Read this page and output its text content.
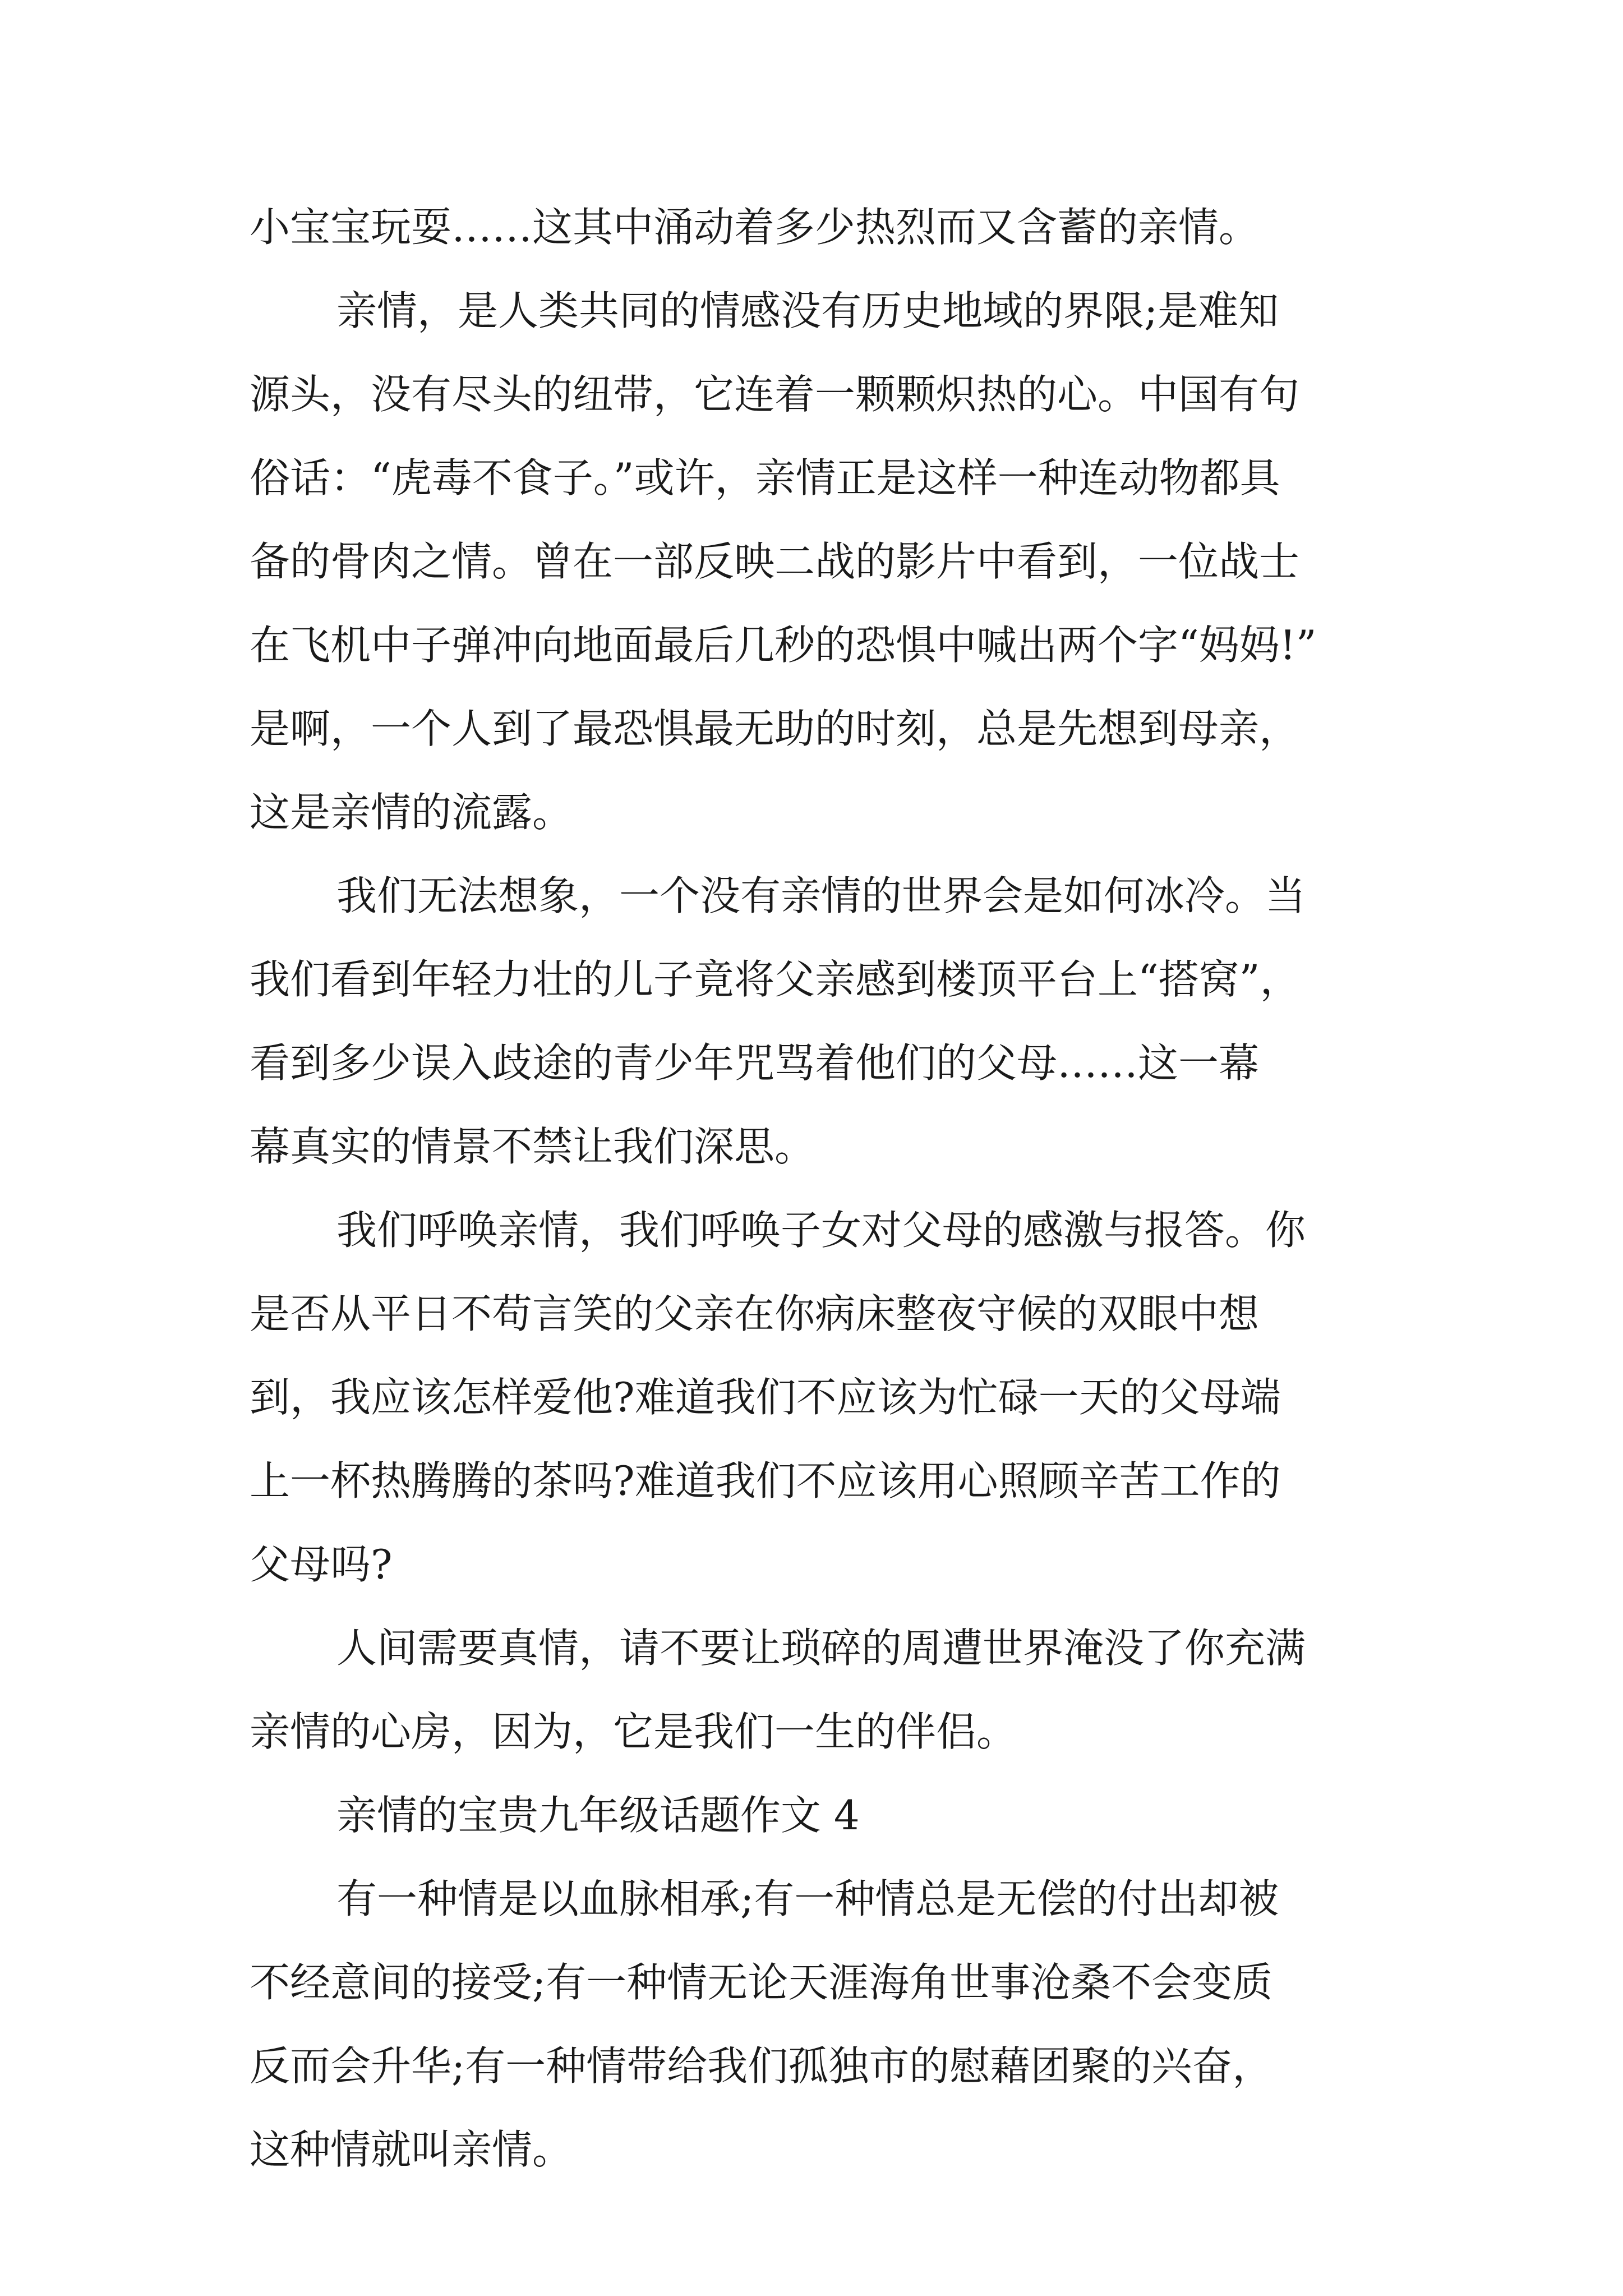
小宝宝玩耍……这其中涌动着多少热烈而又含蓄的亲情。

亲情，是人类共同的情感没有历史地域的界限;是难知

源头，没有尽头的纽带，它连着一颗颗炽热的心。中国有句

俗话：“虎毒不食子。”或许，亲情正是这样一种连动物都具

备的骨肉之情。曾在一部反映二战的影片中看到，一位战士

在飞机中子弹冲向地面最后几秒的恐惧中喊出两个字“妈妈!”

是啊，一个人到了最恐惧最无助的时刻，总是先想到母亲，

这是亲情的流露。

我们无法想象，一个没有亲情的世界会是如何冰冷。当

我们看到年轻力壮的儿子竟将父亲感到楼顶平台上“搭窝”，

看到多少误入歧途的青少年咒骂着他们的父母……这一幕

幕真实的情景不禁让我们深思。

我们呼唤亲情，我们呼唤子女对父母的感激与报答。你

是否从平日不苟言笑的父亲在你病床整夜守候的双眼中想

到，我应该怎样爱他?难道我们不应该为忙碌一天的父母端

上一杯热腾腾的茶吗?难道我们不应该用心照顾辛苦工作的

父母吗?

人间需要真情，请不要让琐碎的周遭世界淹没了你充满

亲情的心房，因为，它是我们一生的伴侣。

亲情的宝贵九年级话题作文 4

有一种情是以血脉相承;有一种情总是无偿的付出却被

不经意间的接受;有一种情无论天涯海角世事沧桑不会变质

反而会升华;有一种情带给我们孤独市的慰藉团聚的兴奋，

这种情就叫亲情。
